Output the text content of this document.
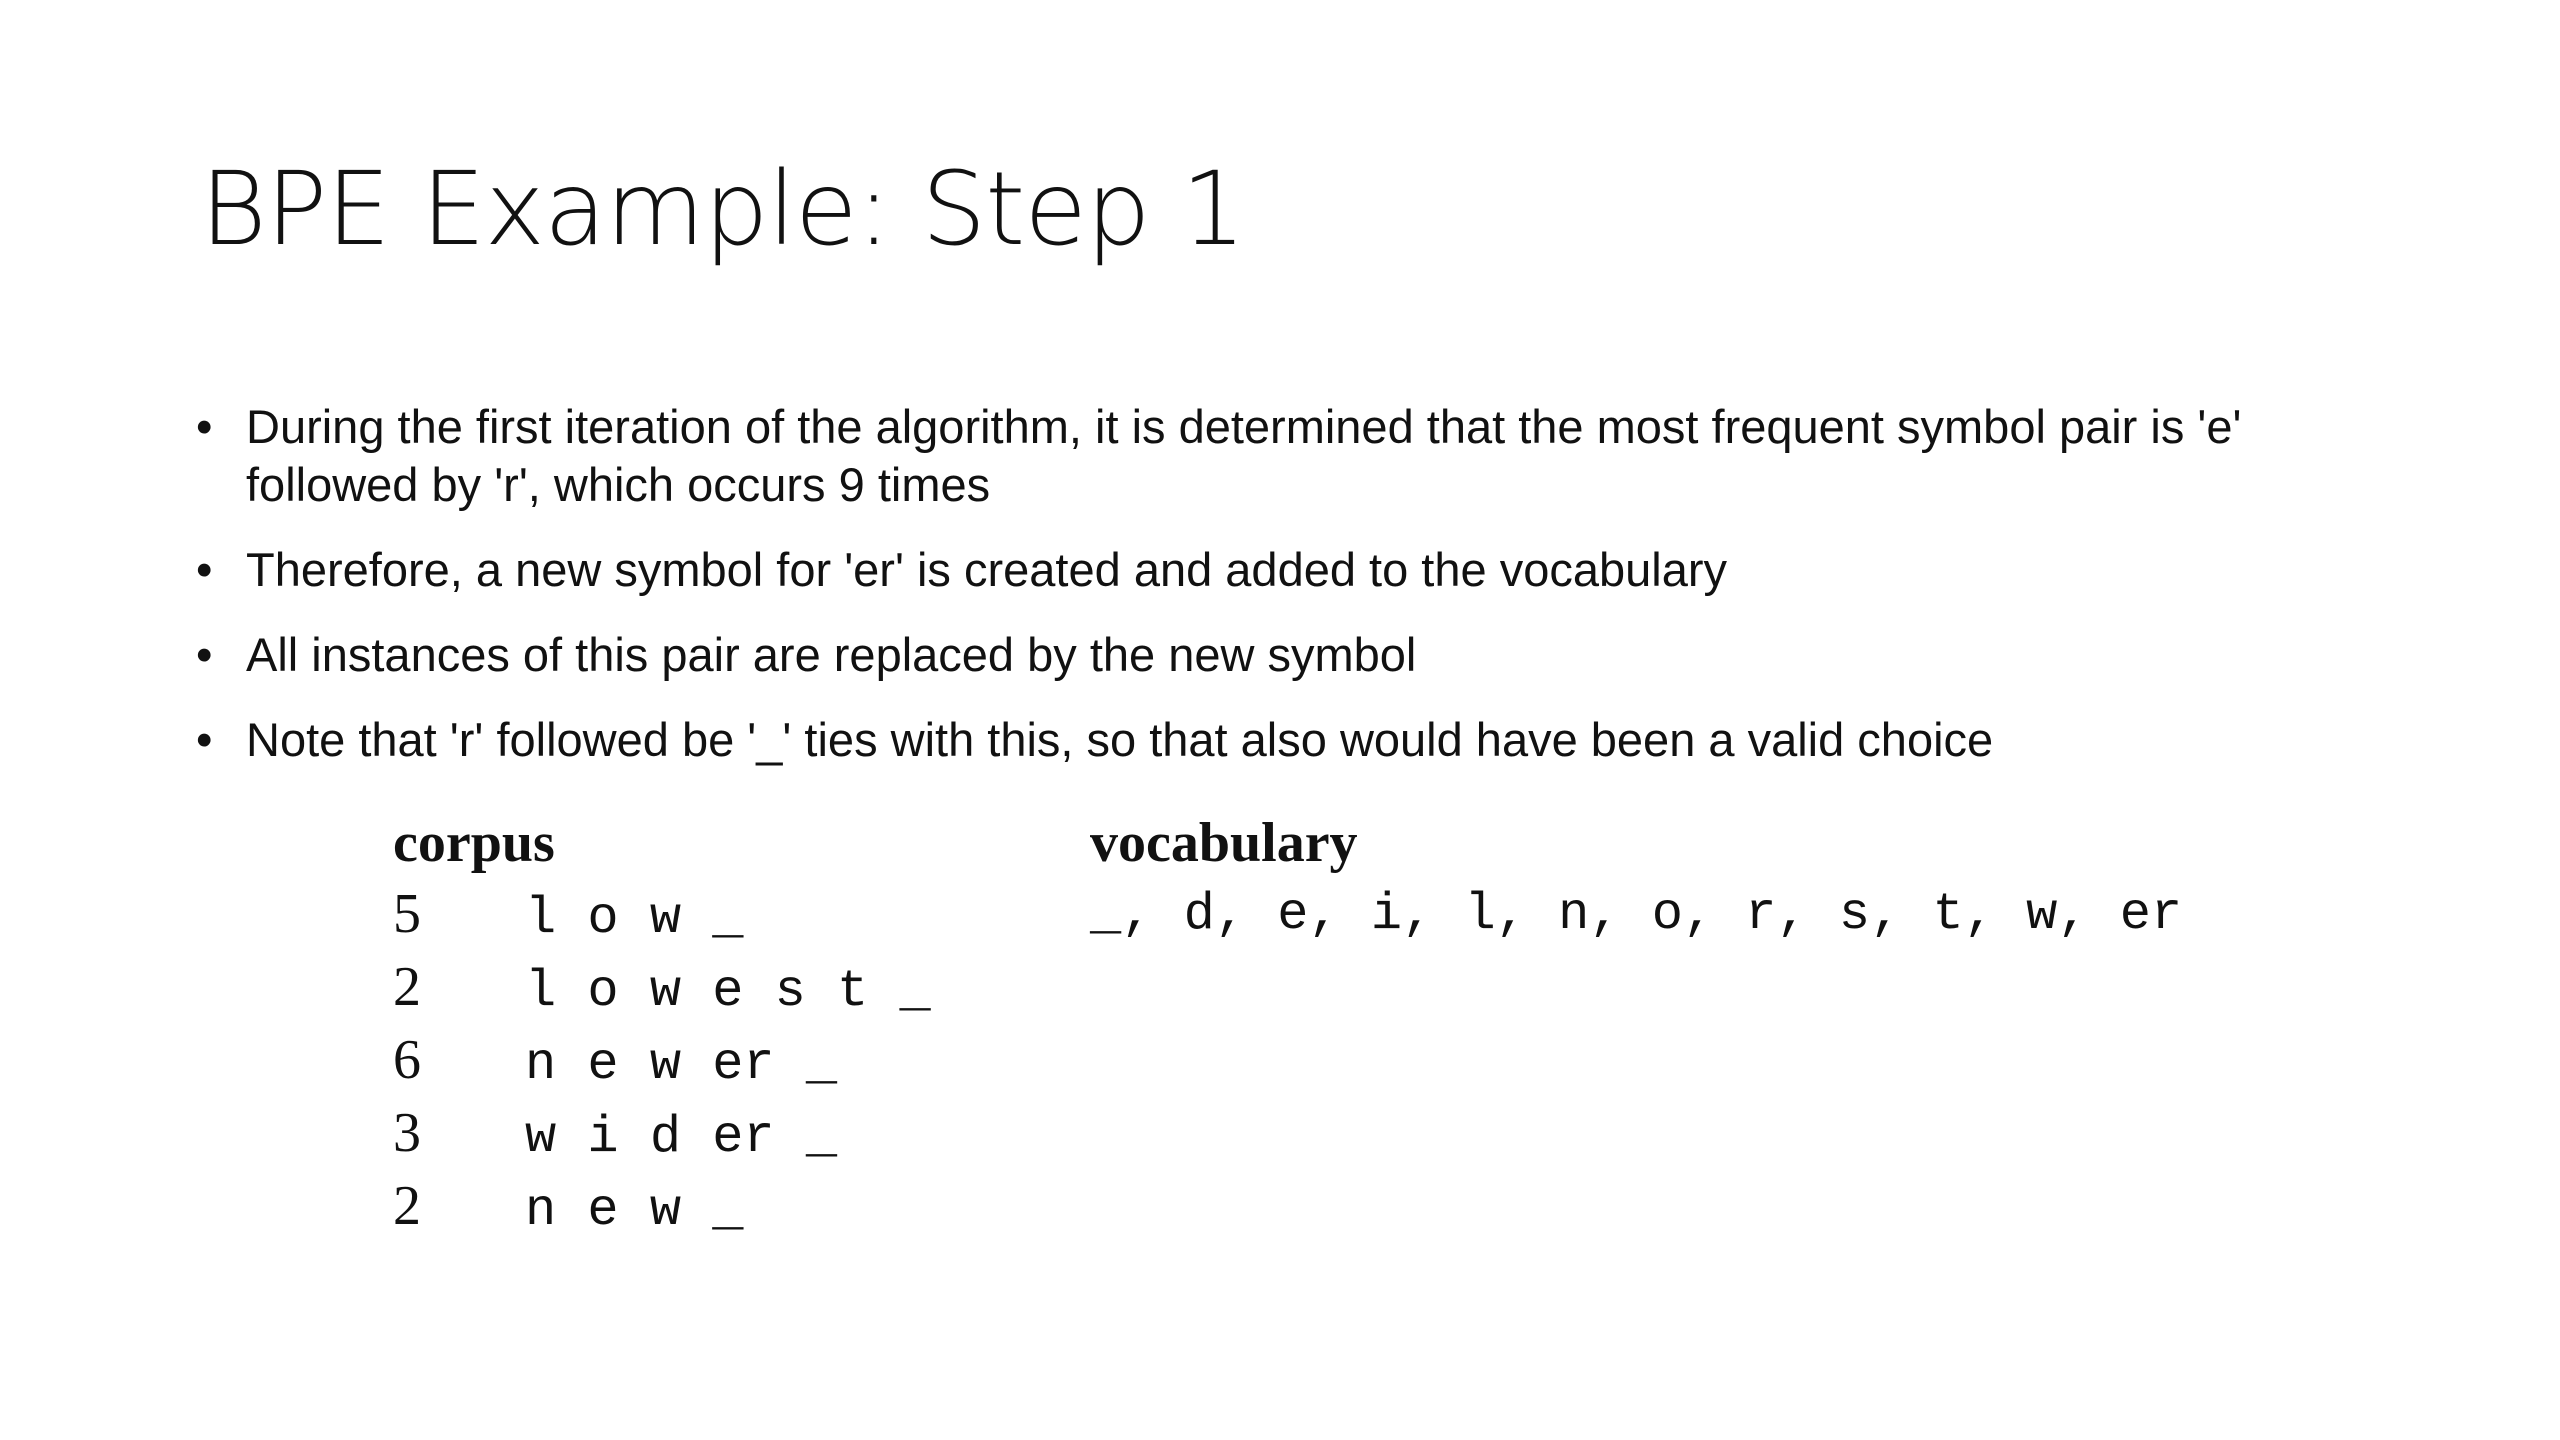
BPE Example: Step 1
• During the first iteration of the algorithm, it is determined that the most frequent symbol pair is 'e' followed by 'r', which occurs 9 times
• Therefore, a new symbol for 'er' is created and added to the vocabulary
• All instances of this pair are replaced by the new symbol
• Note that 'r' followed be '_' ties with this, so that also would have been a valid choice
corpus
5	l o w _
2	l o w e s t _
6	n e w er _
3	w i d er _
2	n e w _
vocabulary
_, d, e, i, l, n, o, r, s, t, w, er
